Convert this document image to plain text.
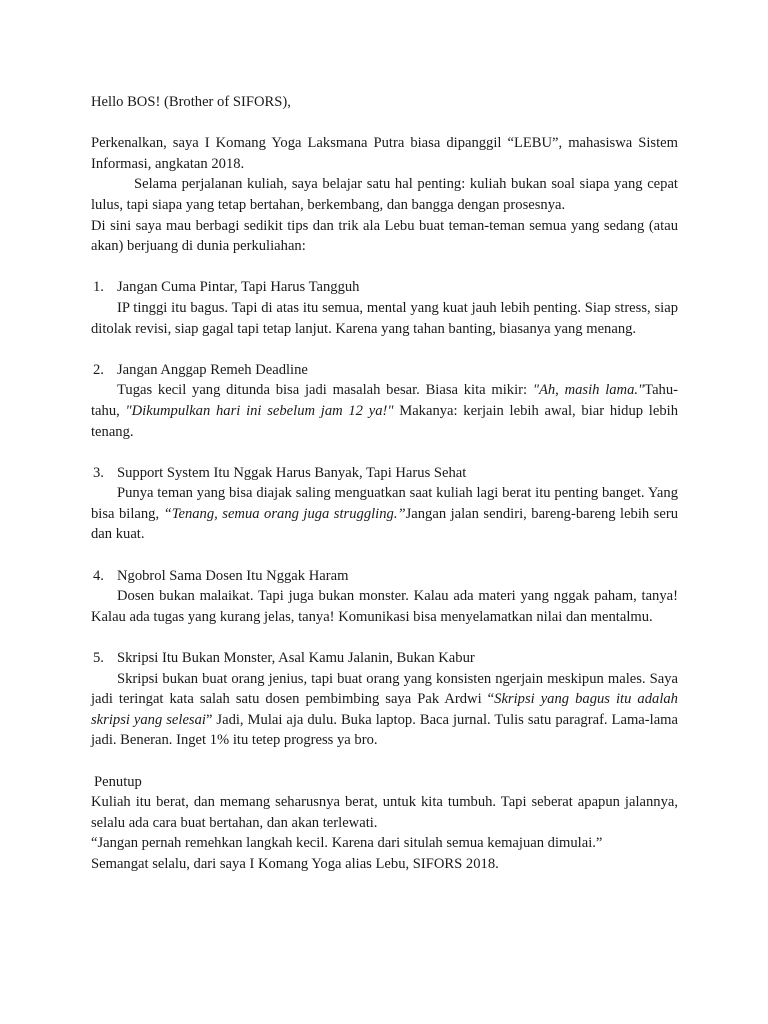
Hello BOS! (Brother of SIFORS),

Perkenalkan, saya I Komang Yoga Laksmana Putra biasa dipanggil “LEBU”, mahasiswa Sistem Informasi, angkatan 2018.

Selama perjalanan kuliah, saya belajar satu hal penting: kuliah bukan soal siapa yang cepat lulus, tapi siapa yang tetap bertahan, berkembang, dan bangga dengan prosesnya.

Di sini saya mau berbagi sedikit tips dan trik ala Lebu buat teman-teman semua yang sedang (atau akan) berjuang di dunia perkuliahan:

1. Jangan Cuma Pintar, Tapi Harus Tangguh

IP tinggi itu bagus. Tapi di atas itu semua, mental yang kuat jauh lebih penting. Siap stress, siap ditolak revisi, siap gagal tapi tetap lanjut. Karena yang tahan banting, biasanya yang menang.

2. Jangan Anggap Remeh Deadline

Tugas kecil yang ditunda bisa jadi masalah besar. Biasa kita mikir: "Ah, masih lama."Tahu-tahu, "Dikumpulkan hari ini sebelum jam 12 ya!" Makanya: kerjain lebih awal, biar hidup lebih tenang.

3. Support System Itu Nggak Harus Banyak, Tapi Harus Sehat

Punya teman yang bisa diajak saling menguatkan saat kuliah lagi berat itu penting banget. Yang bisa bilang, “Tenang, semua orang juga struggling.”Jangan jalan sendiri, bareng-bareng lebih seru dan kuat.

4. Ngobrol Sama Dosen Itu Nggak Haram

Dosen bukan malaikat. Tapi juga bukan monster. Kalau ada materi yang nggak paham, tanya! Kalau ada tugas yang kurang jelas, tanya! Komunikasi bisa menyelamatkan nilai dan mentalmu.

5. Skripsi Itu Bukan Monster, Asal Kamu Jalanin, Bukan Kabur

Skripsi bukan buat orang jenius, tapi buat orang yang konsisten ngerjain meskipun males. Saya jadi teringat kata salah satu dosen pembimbing saya Pak Ardwi “Skripsi yang bagus itu adalah skripsi yang selesai” Jadi, Mulai aja dulu. Buka laptop. Baca jurnal. Tulis satu paragraf. Lama-lama jadi. Beneran. Inget 1% itu tetep progress ya bro.

Penutup

Kuliah itu berat, dan memang seharusnya berat, untuk kita tumbuh. Tapi seberat apapun jalannya, selalu ada cara buat bertahan, dan akan terlewati.

“Jangan pernah remehkan langkah kecil. Karena dari situlah semua kemajuan dimulai.”

Semangat selalu, dari saya I Komang Yoga alias Lebu, SIFORS 2018.
